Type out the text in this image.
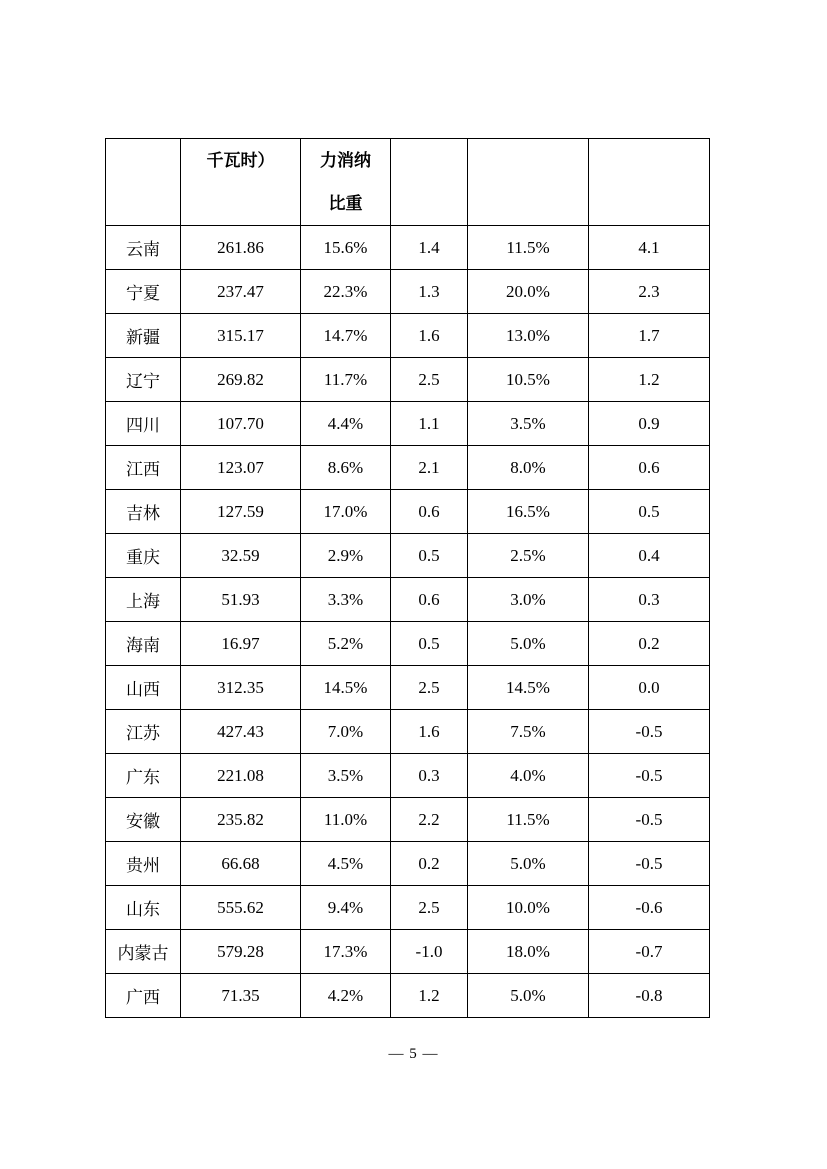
	千瓦时）	力消纳
比重			

云南	261.86	15.6%	1.4	11.5%	4.1
宁夏	237.47	22.3%	1.3	20.0%	2.3
新疆	315.17	14.7%	1.6	13.0%	1.7
辽宁	269.82	11.7%	2.5	10.5%	1.2
四川	107.70	4.4%	1.1	3.5%	0.9
江西	123.07	8.6%	2.1	8.0%	0.6
吉林	127.59	17.0%	0.6	16.5%	0.5
重庆	32.59	2.9%	0.5	2.5%	0.4
上海	51.93	3.3%	0.6	3.0%	0.3
海南	16.97	5.2%	0.5	5.0%	0.2
山西	312.35	14.5%	2.5	14.5%	0.0
江苏	427.43	7.0%	1.6	7.5%	-0.5
广东	221.08	3.5%	0.3	4.0%	-0.5
安徽	235.82	11.0%	2.2	11.5%	-0.5
贵州	66.68	4.5%	0.2	5.0%	-0.5
山东	555.62	9.4%	2.5	10.0%	-0.6
内蒙古	579.28	17.3%	-1.0	18.0%	-0.7
广西	71.35	4.2%	1.2	5.0%	-0.8
— 5 —
